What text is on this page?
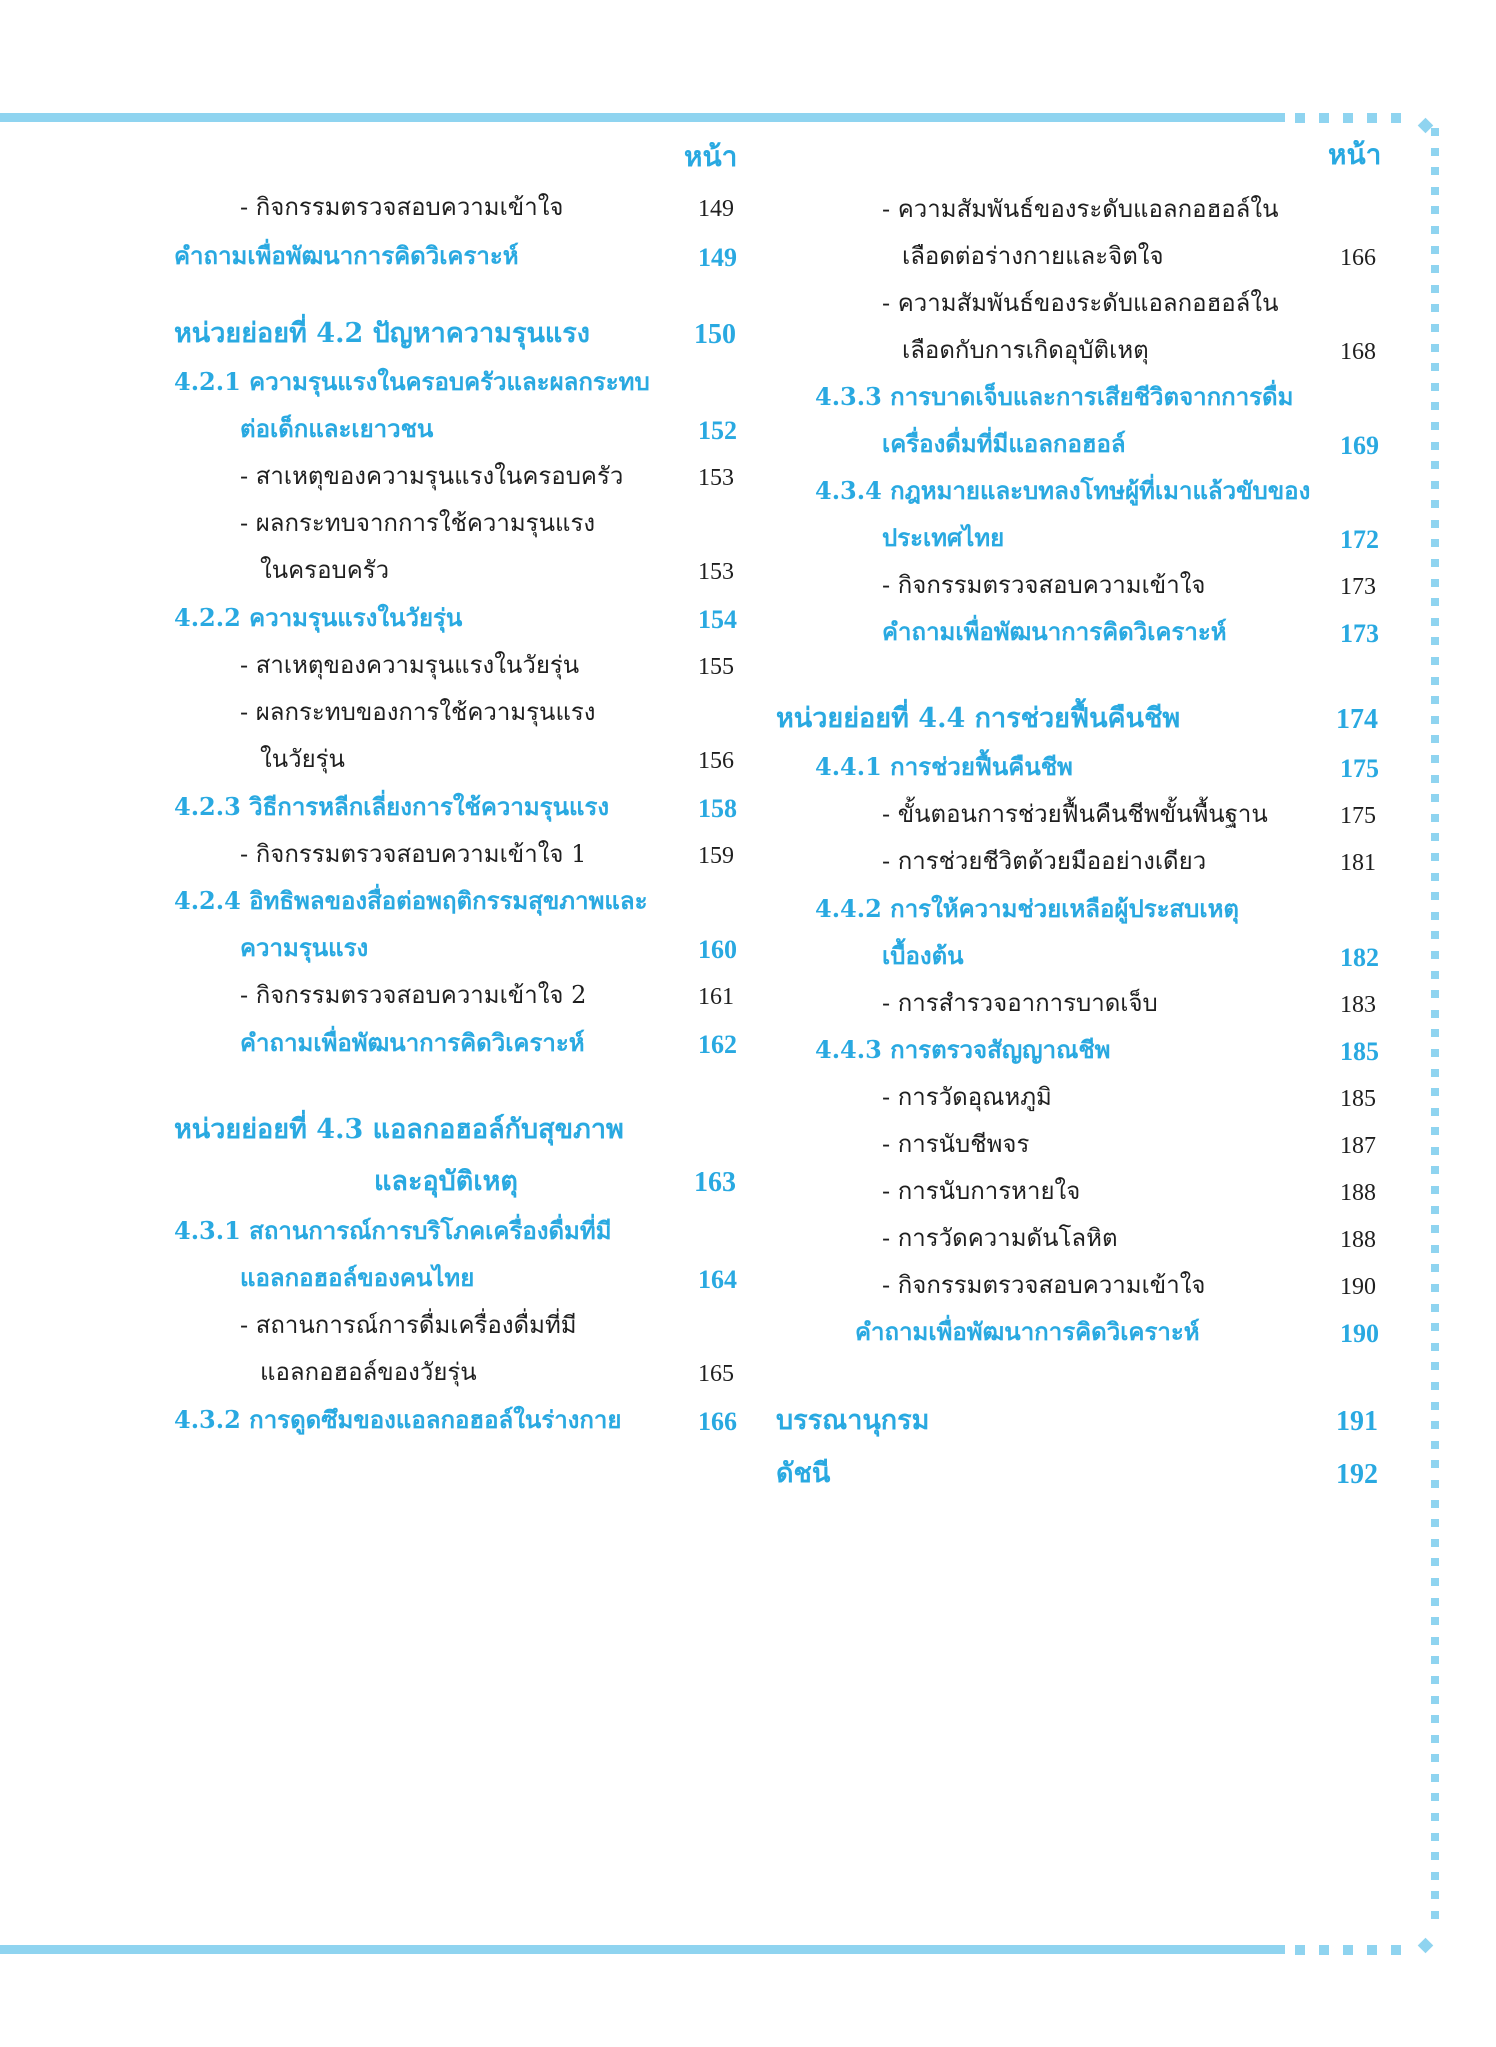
หน้า	หน้า
- กิจกรรมตรวจสอบความเข้าใจ	149
คำถามเพื่อพัฒนาการคิดวิเคราะห์	149
หน่วยย่อยที่ 4.2 ปัญหาความรุนแรง	150
4.2.1 ความรุนแรงในครอบครัวและผลกระทบ
ต่อเด็กและเยาวชน	152
- สาเหตุของความรุนแรงในครอบครัว	153
- ผลกระทบจากการใช้ความรุนแรง
ในครอบครัว	153
4.2.2 ความรุนแรงในวัยรุ่น	154
- สาเหตุของความรุนแรงในวัยรุ่น	155
- ผลกระทบของการใช้ความรุนแรง
ในวัยรุ่น	156
4.2.3 วิธีการหลีกเลี่ยงการใช้ความรุนแรง	158
- กิจกรรมตรวจสอบความเข้าใจ 1	159
4.2.4 อิทธิพลของสื่อต่อพฤติกรรมสุขภาพและ
ความรุนแรง	160
- กิจกรรมตรวจสอบความเข้าใจ 2	161
คำถามเพื่อพัฒนาการคิดวิเคราะห์	162
หน่วยย่อยที่ 4.3 แอลกอฮอล์กับสุขภาพ
และอุบัติเหตุ	163
4.3.1 สถานการณ์การบริโภคเครื่องดื่มที่มี
แอลกอฮอล์ของคนไทย	164
- สถานการณ์การดื่มเครื่องดื่มที่มี
แอลกอฮอล์ของวัยรุ่น	165
4.3.2 การดูดซึมของแอลกอฮอล์ในร่างกาย	166
- ความสัมพันธ์ของระดับแอลกอฮอล์ใน
เลือดต่อร่างกายและจิตใจ	166
- ความสัมพันธ์ของระดับแอลกอฮอล์ใน
เลือดกับการเกิดอุบัติเหตุ	168
4.3.3 การบาดเจ็บและการเสียชีวิตจากการดื่ม
เครื่องดื่มที่มีแอลกอฮอล์	169
4.3.4 กฎหมายและบทลงโทษผู้ที่เมาแล้วขับของ
ประเทศไทย	172
- กิจกรรมตรวจสอบความเข้าใจ	173
คำถามเพื่อพัฒนาการคิดวิเคราะห์	173
หน่วยย่อยที่ 4.4 การช่วยฟื้นคืนชีพ	174
4.4.1 การช่วยฟื้นคืนชีพ	175
- ขั้นตอนการช่วยฟื้นคืนชีพขั้นพื้นฐาน	175
- การช่วยชีวิตด้วยมืออย่างเดียว	181
4.4.2 การให้ความช่วยเหลือผู้ประสบเหตุ
เบื้องต้น	182
- การสำรวจอาการบาดเจ็บ	183
4.4.3 การตรวจสัญญาณชีพ	185
- การวัดอุณหภูมิ	185
- การนับชีพจร	187
- การนับการหายใจ	188
- การวัดความดันโลหิต	188
- กิจกรรมตรวจสอบความเข้าใจ	190
คำถามเพื่อพัฒนาการคิดวิเคราะห์	190
บรรณานุกรม	191
ดัชนี	192
